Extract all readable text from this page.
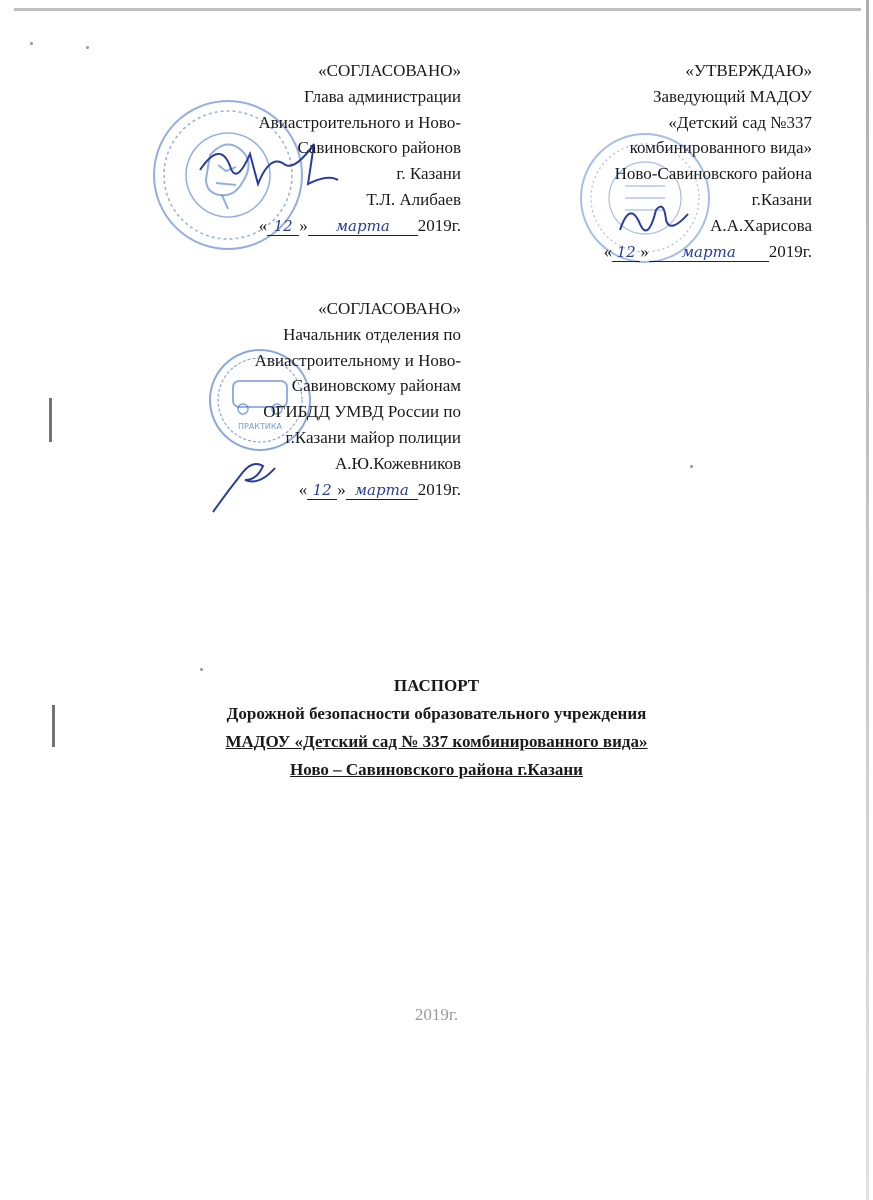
ПРАКТИКА
«СОГЛАСОВАНО»
Глава администрации
Авиастроительного и Ново-
Савиновского районов
г. Казани
Т.Л. Алибаев
« 12 » марта 2019г.
«УТВЕРЖДАЮ»
Заведующий МАДОУ
«Детский сад №337
комбинированного вида»
Ново-Савиновского района
г.Казани
А.А.Харисова
« 12 » марта 2019г.
«СОГЛАСОВАНО»
Начальник отделения по
Авиастроительному и Ново-
Савиновскому районам
ОГИБДД УМВД России по
г.Казани майор полиции
А.Ю.Кожевников
« 12 » марта 2019г.
ПАСПОРТ
Дорожной безопасности образовательного учреждения
МАДОУ «Детский сад № 337 комбинированного вида»
Ново – Савиновского района г.Казани
2019г.
